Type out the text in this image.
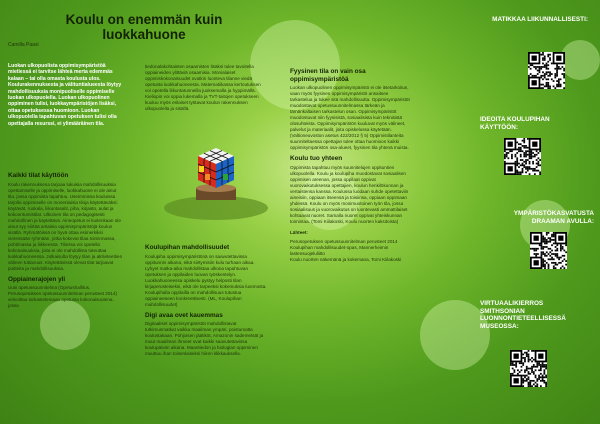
Koulu on enemmän kuin luokkahuone
Camilla Paasi
Luokan ulkopuolista oppimisympäristöä mietiessä ei tarvitse lähteä merta edemmäs kalaan – tai olla omasta koulusta ulos. Koulurakennuksesta ja välituntialueesta löytyy mahdollisuuksia monipuoliselle oppimiselle luokan ulkopuolella. Luokan ulkopuolinen oppiminen tulisi, luokkaympäristöjen lisäksi, ottaa opetuksessa huomioon. Luokan ulkopuolella tapahtuvan opetuksen tulisi olla opettajalla resurssi, ei ylimääräinen tila.
Kaikki tilat käyttöön

Koulu rakennuksena tarjoaa lukuisia mahdollisuuksia opettamiselle ja oppimiselle, luokkahuone ei ole ainut tila, jossa oppimista tapahtuu. Useimmissa kouluissa tarjolla oppimiselle on monenlaisia tiloja käytettäväksi: käytävät, ruokala, liikuntasalit, piha, kirjasto, aulat ja kokoontumistilat. Ulkoinen tila on pedagogisesti mahdollinen ja käytettävä. Aineopetus ei kuitenkaan ole ainut syy siirtää antaisia oppimisympäristöjä koulun sisällä. Ryhmätöissä on hyvä ottaa esimerkiksi vieressään ryhmään, jotka kokevat tilaa toiminnassa, pohtimassa ja liikkeessä. Tiloissa voi opetella kokonaisuuksia, joita ei ole mahdollista toteuttaa luokkahuoneessa. Julkaisulta löytyy tilan ja aktiviteettien välinen tuttavuus. Käytettävissä olevat tilat tarjoavat puitteita ja mahdollisuuksia.

Oppiainerajojen yli

Uusi opetussuunnitelma (Opetushallitus, Perusopetuksen opetussuunnitelman perusteet 2014) velvoittaa tarkastelemaan opetusta kokonaisuutena, jossa

tiedonalakohtaisten osaamisten lisäksi tulee tavoitella oppiaineiden ylittäviä osaamisia. Monialaiset oppimiskokonaisuudet ovatkin luonteva tilanne viedä opetusta luokkahuoneesta. Matematiikassa kertoutuksen voi opetella liikuntatunneilla juoksemalla ja hyppimällä. Kieliopin voi oppia lukemalla ja TVT-taitojen opetukseen kuuluu myös erilaiset työtavat koulun rakennuksen ulkopuolella ja sisällä.

Koulupihan mahdollisuudet

Koulupiha oppimisympäristönä on saavutettavissa oppitunnin aikana, eikä siirtymisiin kulu turhaan aikaa. Lyhyet matka-aika mahdollistaa ulkona tapahtuvan opetuksen ja oppilaiden luovan työskentelyn. Luokkahuoneessa opiskelu pystyy helposti tilan kirjaperusteiseksi, eikä ole tarpeeksi kokemuksia luonnosta. Koulupihalla oppilailla on mahdollisuus tutustua oppiaineeseen konkreettisesti. (ML, Koulupihan mahdollisuudet)

Digi avaa ovet kauemmas

Digitaaliset oppimisympäristöt mahdollistavat tutkimusmatkat vaikka maailman ympäri, poistumatta koulustakaan. Pohjoisen jäätiköt, Amazonin sademetsät ja muut maailman ihmeet ovat kaikki saavutettavissa koulupäivän aikana. Maantiedon ja biologian oppiminen muuttuu ihan toisenlaiseksi hiiren klikkauksella.

Fyysinen tila on vain osa oppimisympäristöä

Luokan ulkopuolinen oppimisympäristö ei ole itsetarkoitus, vaan myös fyysinen oppimisympäristö ansaitsee tarkastelua ja tukee sitä mahdollisuutta. Oppimisympäristöt muodostavat opetussuunnitelmassa tärkeän ja tämänkaltaisen tarkastelun osan. Oppimisympäristöt muodostuvat niin fyysisistä, sosiaalisista kuin teknisistä olosuhteista. Oppimisympäristön kuuluvat myös välineet, palvelut ja materiaalit, joita opiskelussa käytetään. (Valtioneuvoston asetus 422/2012 § 5) Oppimistilanteita suunniteltaessa opettajan tulee ottaa huomioon kaikki oppimisympäristön osa-alueet, fyysinen tila yhtenä muista.

Koulu tuo yhteen

Oppimista tapahtuu myös suunnitelujen oppituntien ulkopuolella. Koulu ja koulupiha muodostavat sosiaalisen oppimisen areenan, jossa oppilaat oppivat vuorovaikutuksessa opettajien, koulun henkilökunnan ja vertaistensa kanssa. Koulussa luodaan suhde opetettaviin aineisiin, oppiaan itseensä ja toisiinsa, oppiaan oppimaan yhdessä. Koulu on myös monimuotoinen työn tila, jossa sosiaalisuus ja vuorovaikutus on luontevasti ammattilaiset kohtaavat nuoret. Samalla nuoret oppivat yhteiskunnan toimintaa. (Tomi Kiilakoski, Koulu nuorten kaksitoista)

Lähteet:

Perusopetuksen opetussuunnitelman perusteet 2014

Koulupihan mahdollisuudet-opas, Mannerheimin lastensuojeluliitto

Koulu nuorten näkemänä ja kokemana, Tomi Kiilakoski

MATIKKAA LIIKUNNALLISESTI:
IDEOITA KOULUPIHAN KÄYTTÖÖN:
YMPÄRISTÖKASVATUSTA DRAAMAN AVULLA:
VIRTUAALIKIERROS SMITHSONIAN LUONNONTIETEELLISESSÄ MUSEOSSA:
